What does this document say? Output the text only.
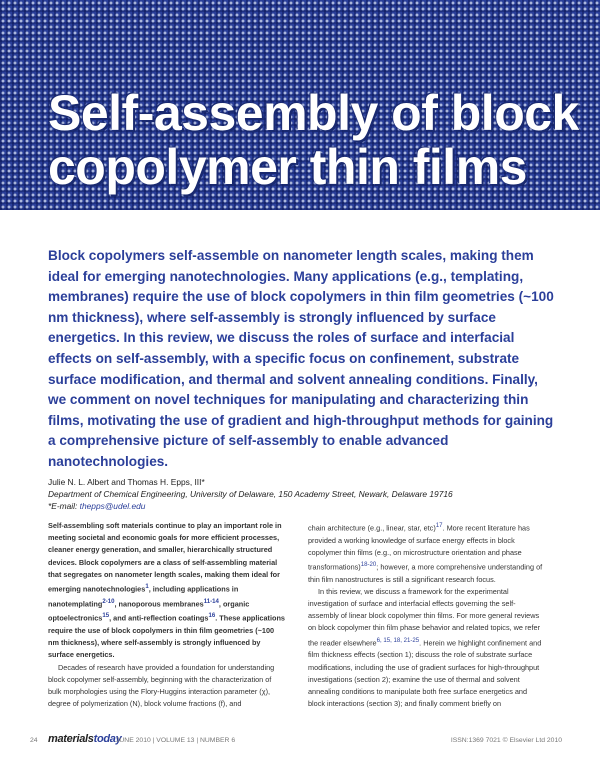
Self-assembly of block
copolymer thin films

Block copolymers self-assemble on nanometer length scales, making them ideal for emerging nanotechnologies. Many applications (e.g., templating, membranes) require the use of block copolymers in thin film geometries (~100 nm thickness), where self-assembly is strongly influenced by surface energetics. In this review, we discuss the roles of surface and interfacial effects on self-assembly, with a specific focus on confinement, substrate surface modification, and thermal and solvent annealing conditions. Finally, we comment on novel techniques for manipulating and characterizing thin films, motivating the use of gradient and high-throughput methods for gaining a comprehensive picture of self-assembly to enable advanced nanotechnologies.

Julie N. L. Albert and Thomas H. Epps, III*

Department of Chemical Engineering, University of Delaware, 150 Academy Street, Newark, Delaware 19716

*E-mail: thepps@udel.edu

Self-assembling soft materials continue to play an important role in meeting societal and economic goals for more efficient processes, cleaner energy generation, and smaller, hierarchically structured devices. Block copolymers are a class of self-assembling material that segregates on nanometer length scales, making them ideal for emerging nanotechnologies$^1$, including applications in nanotemplating$^{2-10}$, nanoporous membranes$^{11-14}$, organic optoelectronics$^{15}$, and anti-reflection coatings$^{16}$. These applications require the use of block copolymers in thin film geometries (~100 nm thickness), where self-assembly is strongly influenced by surface energetics.

Decades of research have provided a foundation for understanding block copolymer self-assembly, beginning with the characterization of bulk morphologies using the Flory-Huggins interaction parameter (χ), degree of polymerization (N), block volume fractions (f), and

chain architecture (e.g., linear, star, etc)$^{17}$. More recent literature has provided a working knowledge of surface energy effects in block copolymer thin films (e.g., on microstructure orientation and phase transformations)$^{18-20}$; however, a more comprehensive understanding of thin film nanostructures is still a significant research focus.

In this review, we discuss a framework for the experimental investigation of surface and interfacial effects governing the self-assembly of linear block copolymer thin films. For more general reviews on block copolymer thin film phase behavior and related topics, we refer the reader elsewhere$^{6, 15, 18, 21-25}$. Herein we highlight confinement and film thickness effects (section 1); discuss the role of substrate surface modifications, including the use of gradient surfaces for high-throughput investigations (section 2); examine the use of thermal and solvent annealing conditions to manipulate both free surface energetics and block interactions (section 3); and finally comment briefly on

24 materialstoday
JUNE 2010 | VOLUME 13 | NUMBER 6	ISSN:1369 7021 © Elsevier Ltd 2010
